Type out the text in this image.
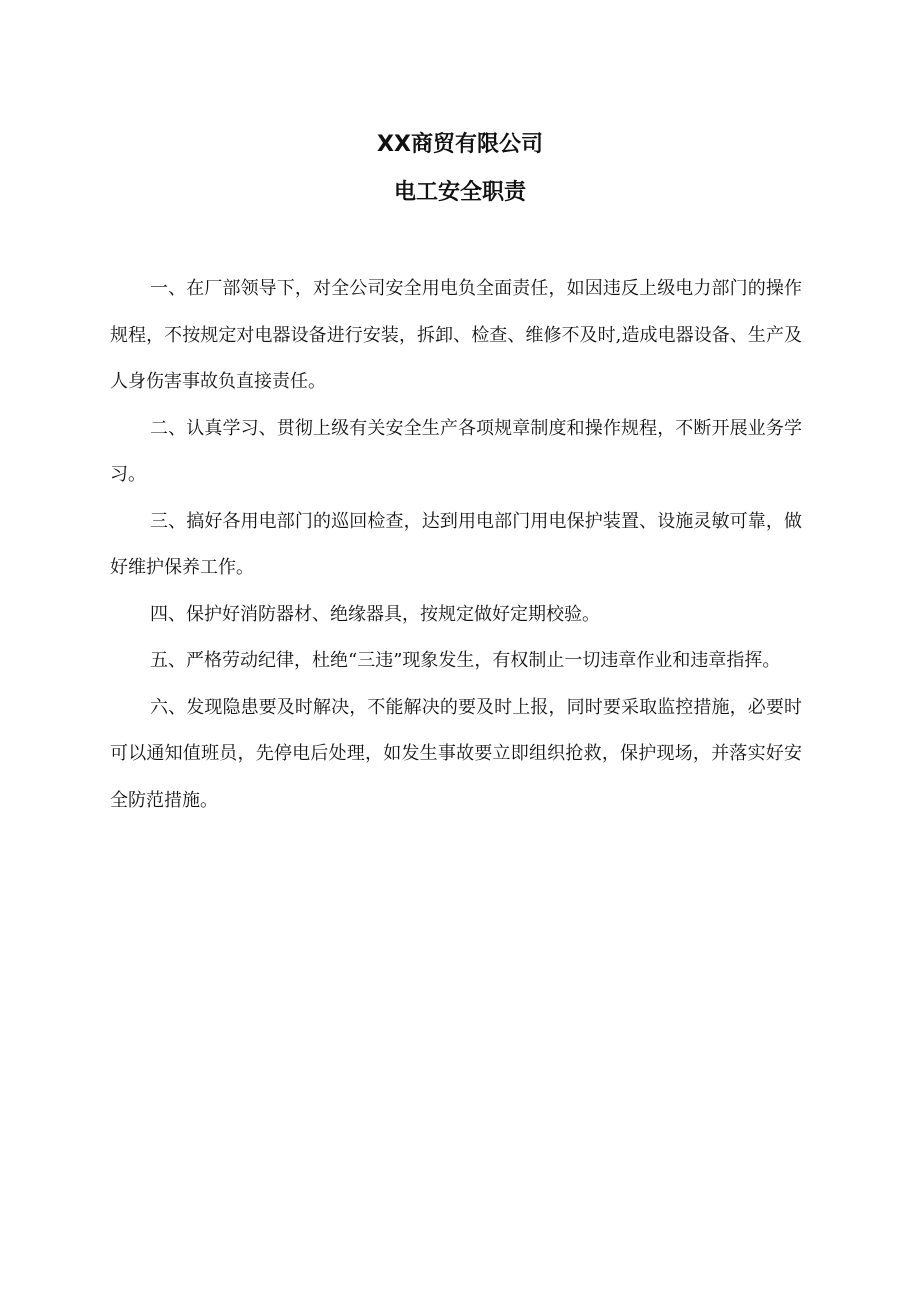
XX商贸有限公司
电工安全职责

一、在厂部领导下，对全公司安全用电负全面责任，如因违反上级电力部门的操作规程，不按规定对电器设备进行安装，拆卸、检查、维修不及时,造成电器设备、生产及人身伤害事故负直接责任。

二、认真学习、贯彻上级有关安全生产各项规章制度和操作规程，不断开展业务学习。

三、搞好各用电部门的巡回检查，达到用电部门用电保护装置、设施灵敏可靠，做好维护保养工作。

四、保护好消防器材、绝缘器具，按规定做好定期校验。

五、严格劳动纪律，杜绝“三违”现象发生，有权制止一切违章作业和违章指挥。

六、发现隐患要及时解决，不能解决的要及时上报，同时要采取监控措施，必要时可以通知值班员，先停电后处理，如发生事故要立即组织抢救，保护现场，并落实好安全防范措施。
